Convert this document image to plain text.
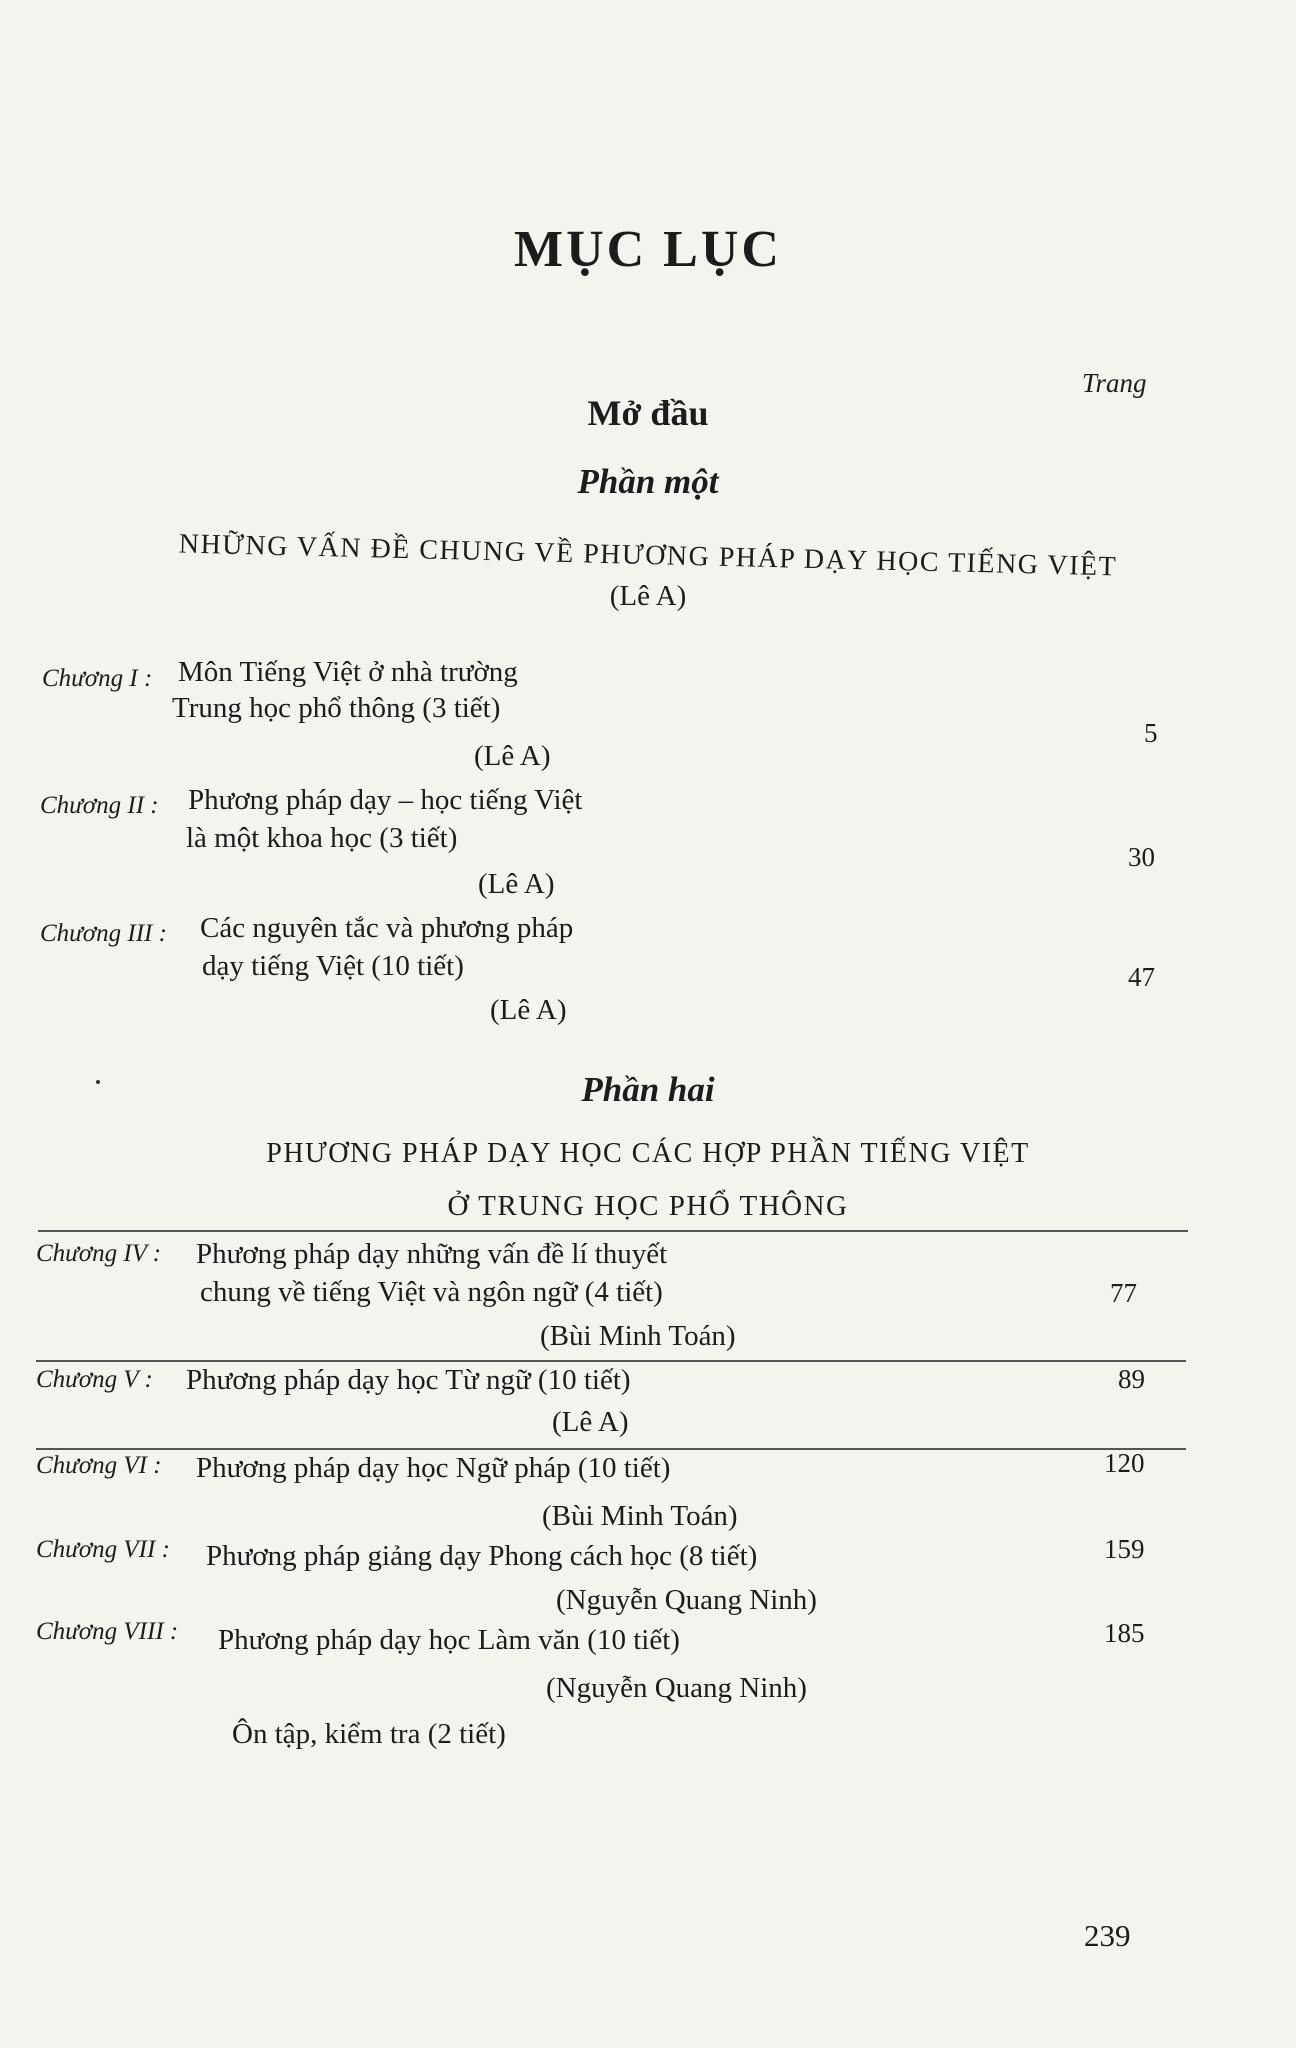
MỤC LỤC
Trang
Mở đầu
Phần một
NHỮNG VẤN ĐỀ CHUNG VỀ PHƯƠNG PHÁP DẠY HỌC TIẾNG VIỆT
(Lê A)
Chương I : Môn Tiếng Việt ở nhà trường
Trung học phổ thông (3 tiết)
(Lê A)
5
Chương II : Phương pháp dạy – học tiếng Việt
là một khoa học (3 tiết)
(Lê A)
30
Chương III : Các nguyên tắc và phương pháp
dạy tiếng Việt (10 tiết)
(Lê A)
47
Phần hai
PHƯƠNG PHÁP DẠY HỌC CÁC HỢP PHẦN TIẾNG VIỆT
Ở TRUNG HỌC PHỔ THÔNG
Chương IV : Phương pháp dạy những vấn đề lí thuyết
chung về tiếng Việt và ngôn ngữ (4 tiết)
(Bùi Minh Toán)
77
Chương V : Phương pháp dạy học Từ ngữ (10 tiết)
(Lê A)
89
Chương VI : Phương pháp dạy học Ngữ pháp (10 tiết)
(Bùi Minh Toán)
120
Chương VII : Phương pháp giảng dạy Phong cách học (8 tiết)
(Nguyễn Quang Ninh)
159
Chương VIII : Phương pháp dạy học Làm văn (10 tiết)
(Nguyễn Quang Ninh)
185
Ôn tập, kiểm tra (2 tiết)
239
